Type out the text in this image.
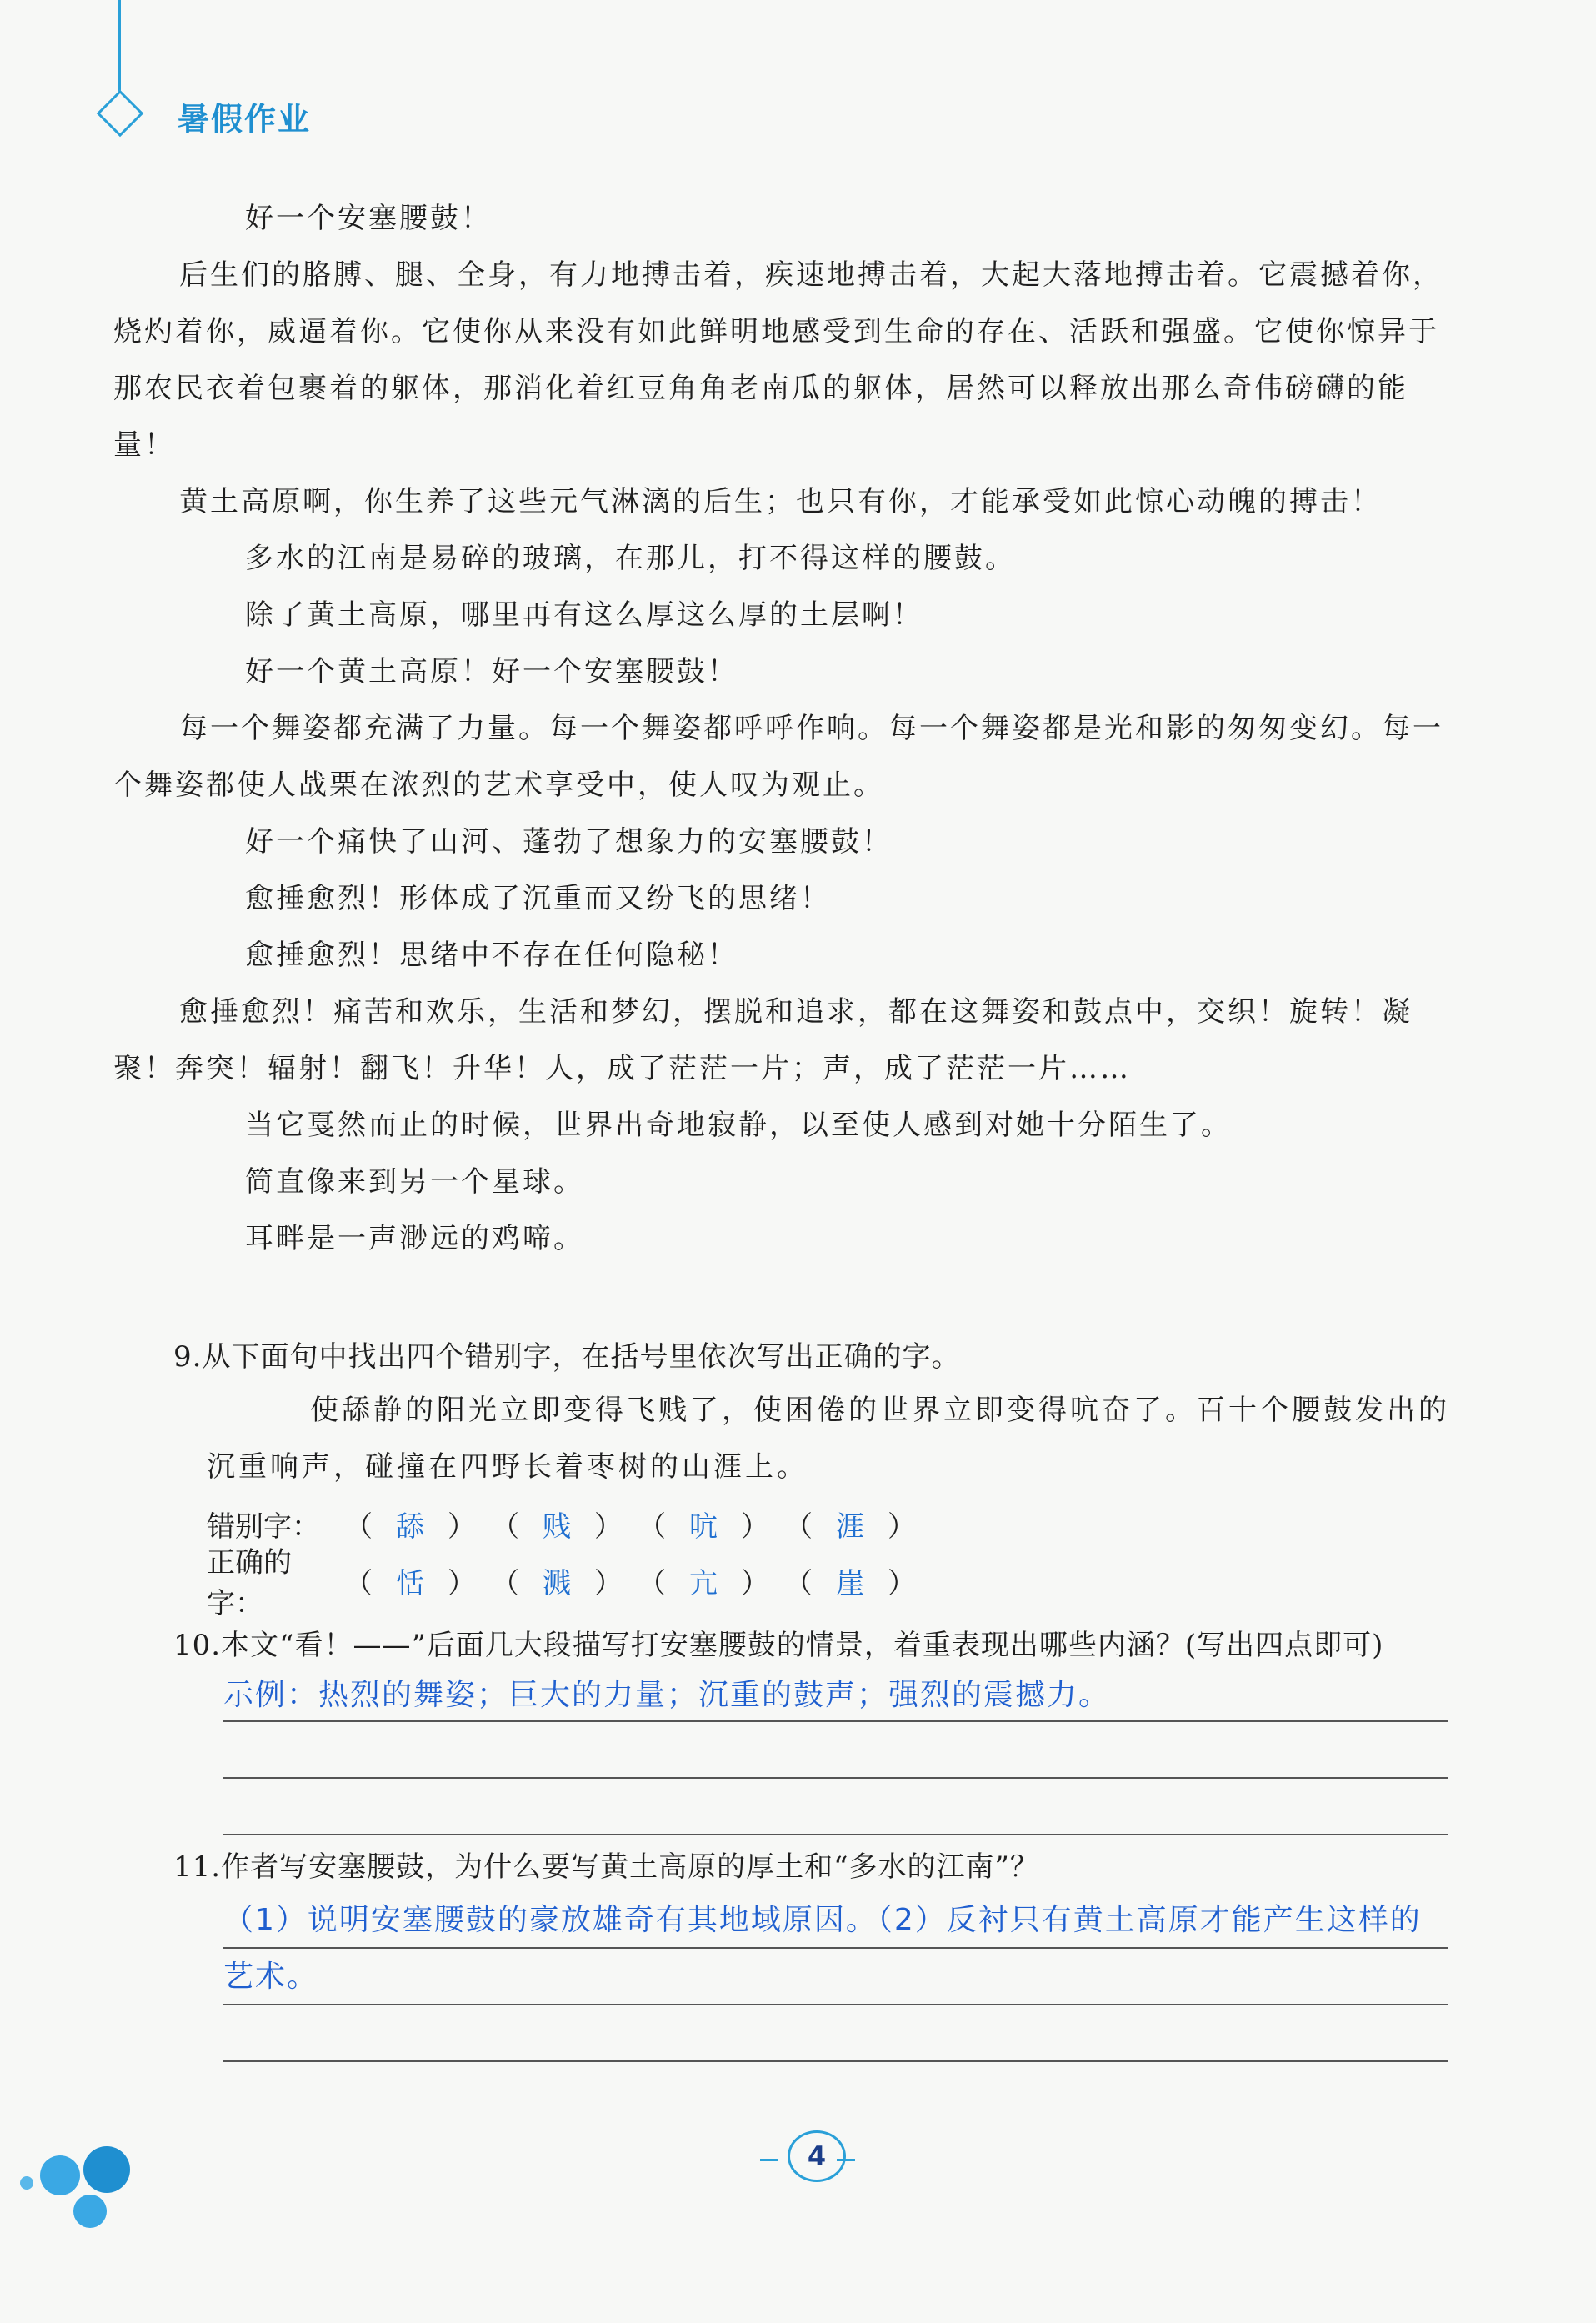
暑假作业

好一个安塞腰鼓！

后生们的胳膊、腿、全身，有力地搏击着，疾速地搏击着，大起大落地搏击着。它震撼着你，烧灼着你，威逼着你。它使你从来没有如此鲜明地感受到生命的存在、活跃和强盛。它使你惊异于那农民衣着包裹着的躯体，那消化着红豆角角老南瓜的躯体，居然可以释放出那么奇伟磅礴的能量！

黄土高原啊，你生养了这些元气淋漓的后生；也只有你，才能承受如此惊心动魄的搏击！

多水的江南是易碎的玻璃，在那儿，打不得这样的腰鼓。

除了黄土高原，哪里再有这么厚这么厚的土层啊！

好一个黄土高原！好一个安塞腰鼓！

每一个舞姿都充满了力量。每一个舞姿都呼呼作响。每一个舞姿都是光和影的匆匆变幻。每一个舞姿都使人战栗在浓烈的艺术享受中，使人叹为观止。

好一个痛快了山河、蓬勃了想象力的安塞腰鼓！

愈捶愈烈！形体成了沉重而又纷飞的思绪！

愈捶愈烈！思绪中不存在任何隐秘！

愈捶愈烈！痛苦和欢乐，生活和梦幻，摆脱和追求，都在这舞姿和鼓点中，交织！旋转！凝聚！奔突！辐射！翻飞！升华！人，成了茫茫一片；声，成了茫茫一片……

当它戛然而止的时候，世界出奇地寂静，以至使人感到对她十分陌生了。

简直像来到另一个星球。

耳畔是一声渺远的鸡啼。

9.从下面句中找出四个错别字，在括号里依次写出正确的字。
使舔静的阳光立即变得飞贱了，使困倦的世界立即变得吭奋了。百十个腰鼓发出的沉重响声，碰撞在四野长着枣树的山涯上。
错别字： （ 舔 ） （ 贱 ） （ 吭 ） （ 涯 ）
正确的字：
（ 恬 ） （ 溅 ） （ 亢 ） （ 崖 ）
10.本文“看！——”后面几大段描写打安塞腰鼓的情景，着重表现出哪些内涵？(写出四点即可)
示例：热烈的舞姿；巨大的力量；沉重的鼓声；强烈的震撼力。
11.作者写安塞腰鼓，为什么要写黄土高原的厚土和“多水的江南”？
（1）说明安塞腰鼓的豪放雄奇有其地域原因。（2）反衬只有黄土高原才能产生这样的艺术。
4
